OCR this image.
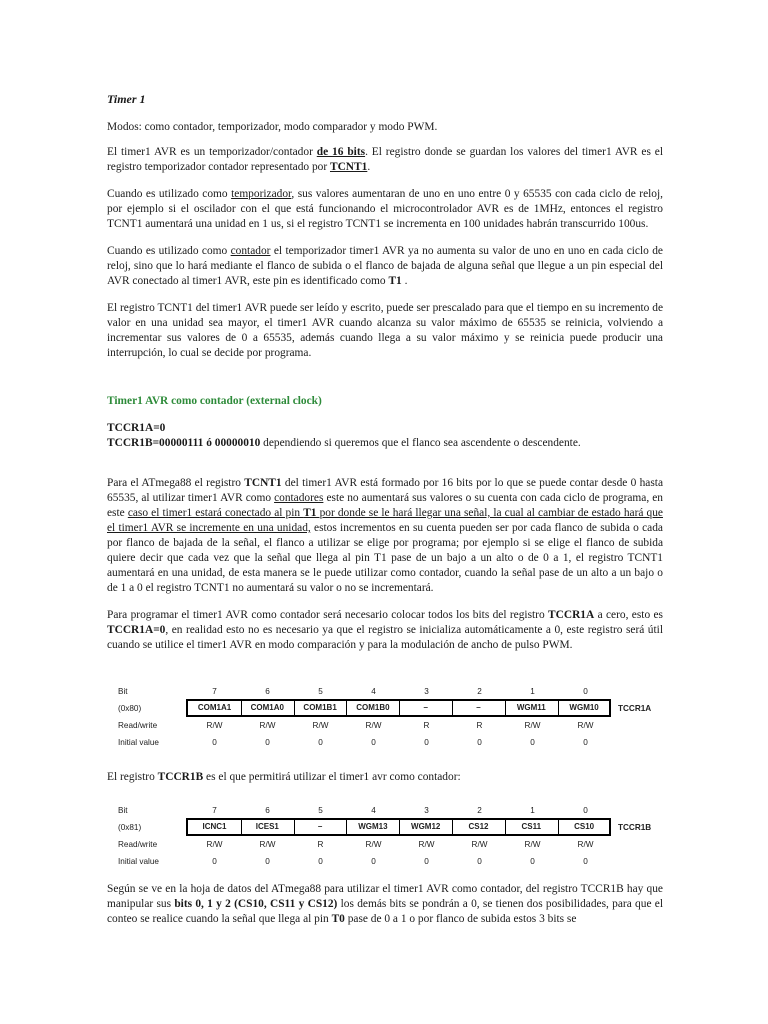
Timer 1

Modos: como contador, temporizador, modo comparador y modo PWM.

El timer1 AVR es un temporizador/contador de 16 bits. El registro donde se guardan los valores del timer1 AVR es el registro temporizador contador representado por TCNT1.

Cuando es utilizado como temporizador, sus valores aumentaran de uno en uno entre 0 y 65535 con cada ciclo de reloj, por ejemplo si el oscilador con el que está funcionando el microcontrolador AVR es de 1MHz, entonces el registro TCNT1 aumentará una unidad en 1 us, si el registro TCNT1 se incrementa en 100 unidades habrán transcurrido 100us.

Cuando es utilizado como contador el temporizador timer1 AVR ya no aumenta su valor de uno en uno en cada ciclo de reloj, sino que lo hará mediante el flanco de subida o el flanco de bajada de alguna señal que llegue a un pin especial del AVR conectado al timer1 AVR, este pin es identificado como T1 .

El registro TCNT1 del timer1 AVR puede ser leído y escrito, puede ser prescalado para que el tiempo en su incremento de valor en una unidad sea mayor, el timer1 AVR cuando alcanza su valor máximo de 65535 se reinicia, volviendo a incrementar sus valores de 0 a 65535, además cuando llega a su valor máximo y se reinicia puede producir una interrupción, lo cual se decide por programa.

Timer1 AVR como contador (external clock)

TCCR1A=0

TCCR1B=00000111 ó 00000010 dependiendo si queremos que el flanco sea ascendente o descendente.

Para el ATmega88 el registro TCNT1 del timer1 AVR está formado por 16 bits por lo que se puede contar desde 0 hasta 65535, al utilizar timer1 AVR como contadores este no aumentará sus valores o su cuenta con cada ciclo de programa, en este caso el timer1 estará conectado al pin T1 por donde se le hará llegar una señal, la cual al cambiar de estado hará que el timer1 AVR se incremente en una unidad, estos incrementos en su cuenta pueden ser por cada flanco de subida o cada por flanco de bajada de la señal, el flanco a utilizar se elige por programa; por ejemplo si se elige el flanco de subida quiere decir que cada vez que la señal que llega al pin T1 pase de un bajo a un alto o de 0 a 1, el registro TCNT1 aumentará en una unidad, de esta manera se le puede utilizar como contador, cuando la señal pase de un alto a un bajo o de 1 a 0 el registro TCNT1 no aumentará su valor o no se incrementará.

Para programar el timer1 AVR como contador será necesario colocar todos los bits del registro TCCR1A a cero, esto es TCCR1A=0, en realidad esto no es necesario ya que el registro se inicializa automáticamente a 0, este registro será útil cuando se utilice el timer1 AVR en modo comparación y para la modulación de ancho de pulso PWM.

Bit	7	6	5	4	3	2	1	0
(0x80)	COM1A1	COM1A0	COM1B1	COM1B0	–	–	WGM11	WGM10	TCCR1A
Read/write	R/W	R/W	R/W	R/W	R	R	R/W	R/W
Initial value	0	0	0	0	0	0	0	0

El registro TCCR1B es el que permitirá utilizar el timer1 avr como contador:

Bit	7	6	5	4	3	2	1	0
(0x81)	ICNC1	ICES1	–	WGM13	WGM12	CS12	CS11	CS10	TCCR1B
Read/write	R/W	R/W	R	R/W	R/W	R/W	R/W	R/W
Initial value	0	0	0	0	0	0	0	0

Según se ve en la hoja de datos del ATmega88 para utilizar el timer1 AVR como contador, del registro TCCR1B hay que manipular sus bits 0, 1 y 2 (CS10, CS11 y CS12) los demás bits se pondrán a 0, se tienen dos posibilidades, para que el conteo se realice cuando la señal que llega al pin T0 pase de 0 a 1 o por flanco de subida estos 3 bits se
